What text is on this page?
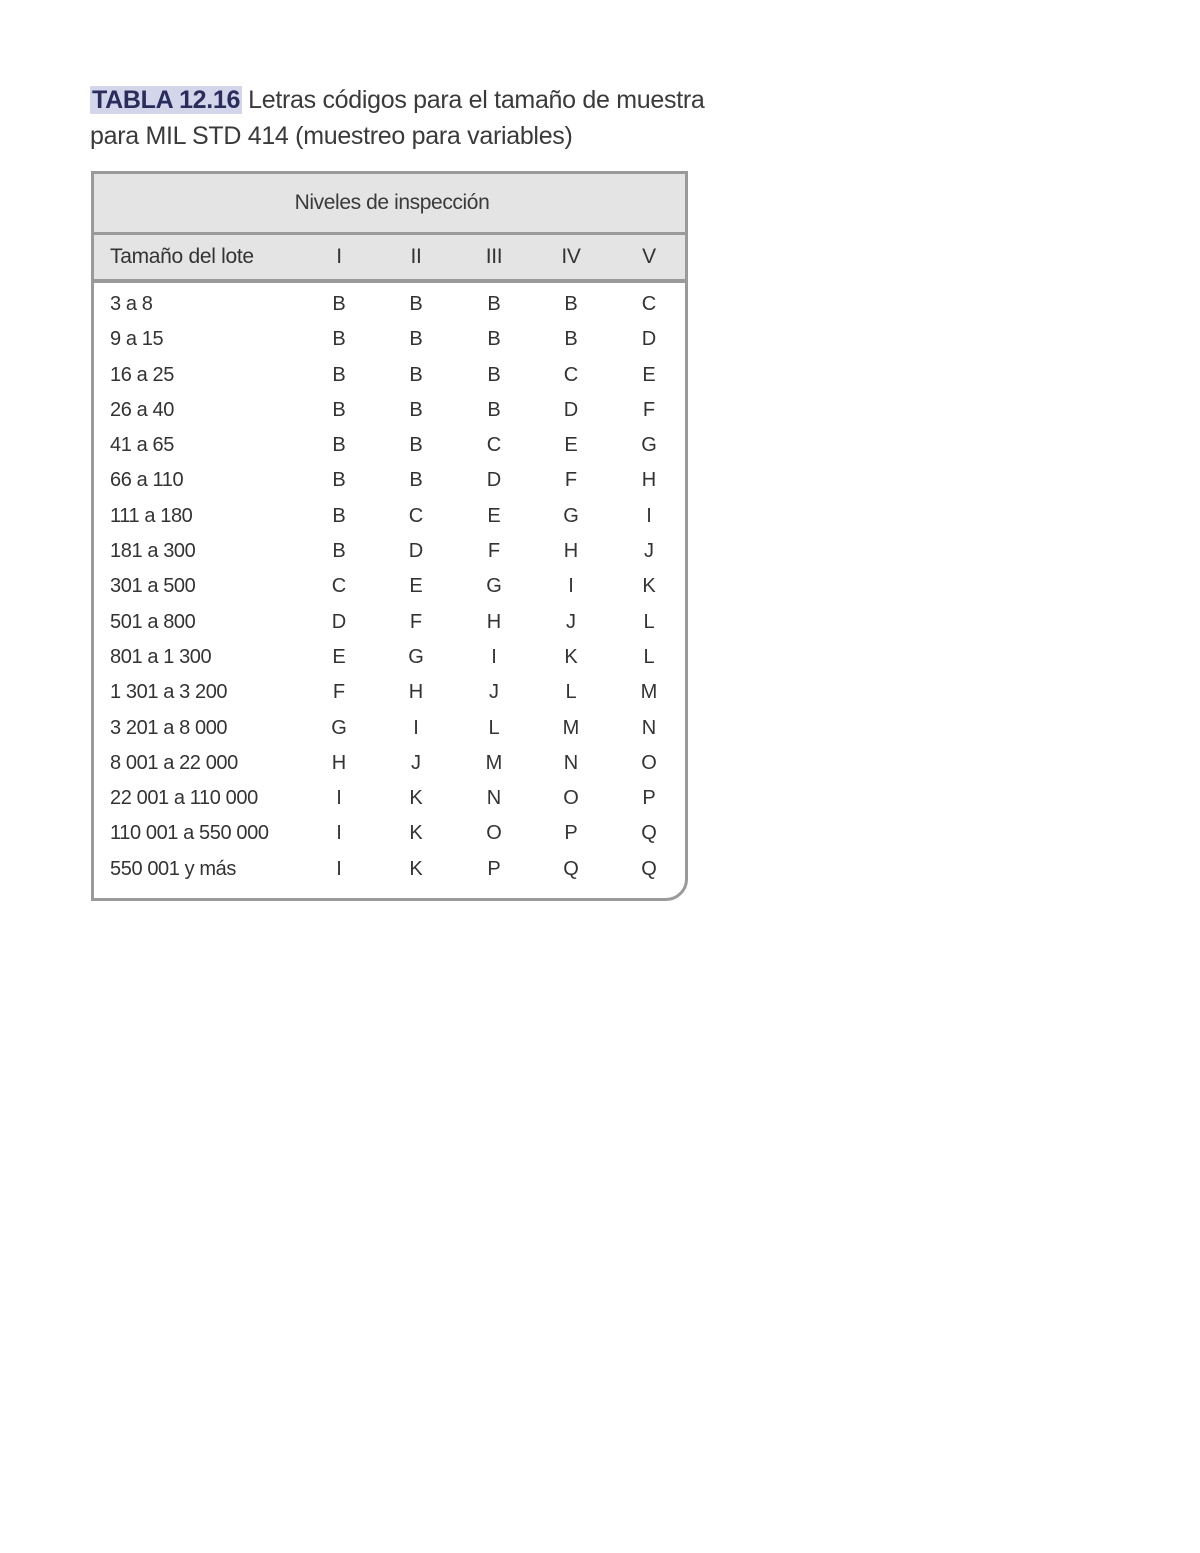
TABLA 12.16 Letras códigos para el tamaño de muestra para MIL STD 414 (muestreo para variables)
Niveles de inspección
Tamaño del lote	I	II	III	IV	V
3 a 8	B	B	B	B	C
9 a 15	B	B	B	B	D
16 a 25	B	B	B	C	E
26 a 40	B	B	B	D	F
41 a 65	B	B	C	E	G
66 a 110	B	B	D	F	H
111 a 180	B	C	E	G	I
181 a 300	B	D	F	H	J
301 a 500	C	E	G	I	K
501 a 800	D	F	H	J	L
801 a 1 300	E	G	I	K	L
1 301 a 3 200	F	H	J	L	M
3 201 a 8 000	G	I	L	M	N
8 001 a 22 000	H	J	M	N	O
22 001 a 110 000	I	K	N	O	P
110 001 a 550 000	I	K	O	P	Q
550 001 y más	I	K	P	Q	Q
